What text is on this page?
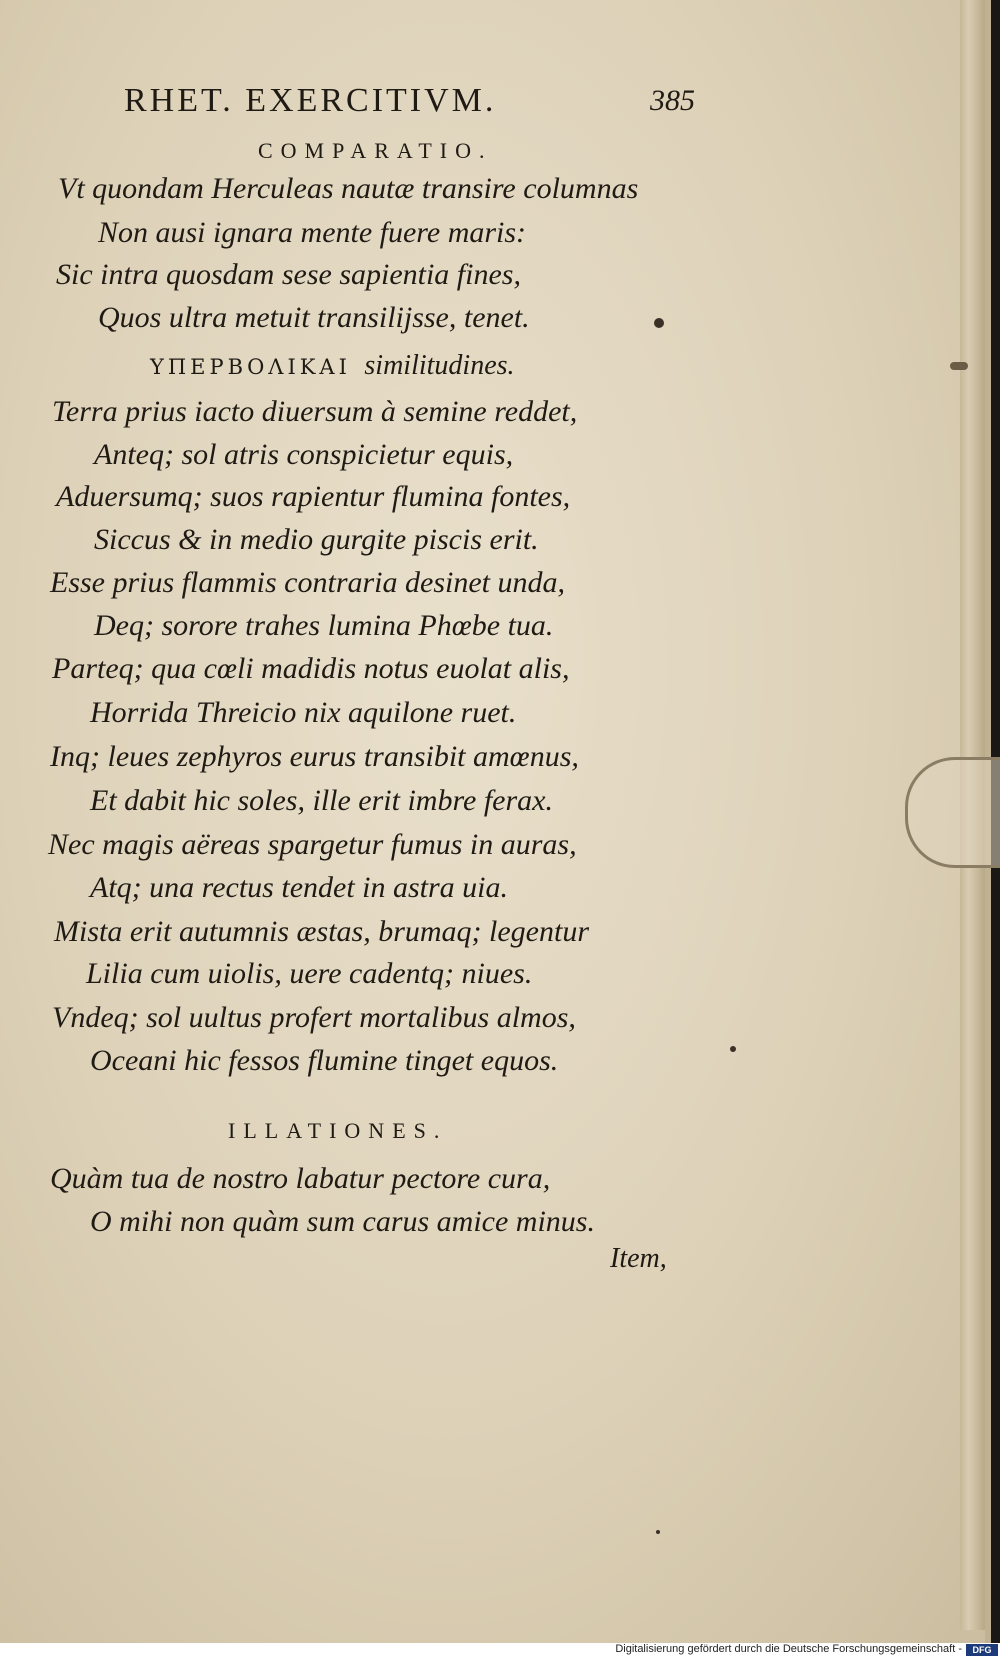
RHET. EXERCITIVM.	385
COMPARATIO.
Vt quondam Herculeas nautæ transire columnas
Non ausi ignara mente fuere maris:
Sic intra quosdam sese sapientia fines,
Quos ultra metuit transilijsse, tenet.
ΥΠΕΡΒΟΛΙΚΑΙ similitudines.
Terra prius iacto diuersum à semine reddet,
Anteq; sol atris conspicietur equis,
Aduersumq; suos rapientur flumina fontes,
Siccus & in medio gurgite piscis erit.
Esse prius flammis contraria desinet unda,
Deq; sorore trahes lumina Phœbe tua.
Parteq; qua cœli madidis notus euolat alis,
Horrida Threicio nix aquilone ruet.
Inq; leues zephyros eurus transibit amœnus,
Et dabit hic soles, ille erit imbre ferax.
Nec magis aëreas spargetur fumus in auras,
Atq; una rectus tendet in astra uia.
Mista erit autumnis æstas, brumaq; legentur
Lilia cum uiolis, uere cadentq; niues.
Vndeq; sol uultus profert mortalibus almos,
Oceani hic fessos flumine tinget equos.
ILLATIONES.
Quàm tua de nostro labatur pectore cura,
O mihi non quàm sum carus amice minus.
Item,
Digitalisierung gefördert durch die Deutsche Forschungsgemeinschaft -	DFG
